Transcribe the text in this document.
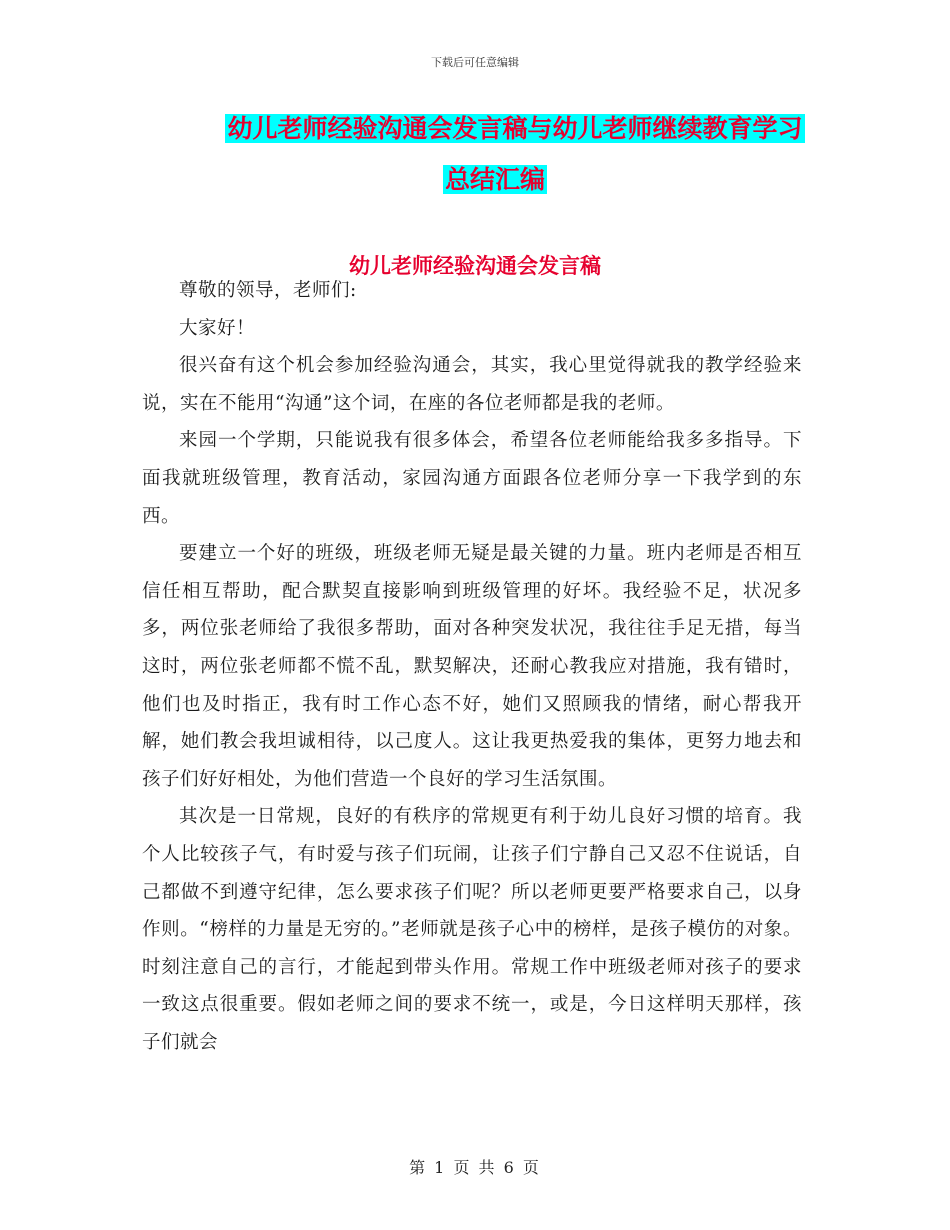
下载后可任意编辑
幼儿老师经验沟通会发言稿与幼儿老师继续教育学习
总结汇编
幼儿老师经验沟通会发言稿

尊敬的领导，老师们:

大家好！

很兴奋有这个机会参加经验沟通会，其实，我心里觉得就我的教学经验来说，实在不能用“沟通”这个词，在座的各位老师都是我的老师。

来园一个学期，只能说我有很多体会，希望各位老师能给我多多指导。下面我就班级管理，教育活动，家园沟通方面跟各位老师分享一下我学到的东西。

要建立一个好的班级，班级老师无疑是最关键的力量。班内老师是否相互信任相互帮助，配合默契直接影响到班级管理的好坏。我经验不足，状况多多，两位张老师给了我很多帮助，面对各种突发状况，我往往手足无措，每当这时，两位张老师都不慌不乱，默契解决，还耐心教我应对措施，我有错时，他们也及时指正，我有时工作心态不好，她们又照顾我的情绪，耐心帮我开解，她们教会我坦诚相待，以己度人。这让我更热爱我的集体，更努力地去和孩子们好好相处，为他们营造一个良好的学习生活氛围。

其次是一日常规，良好的有秩序的常规更有利于幼儿良好习惯的培育。我个人比较孩子气，有时爱与孩子们玩闹，让孩子们宁静自己又忍不住说话，自己都做不到遵守纪律，怎么要求孩子们呢？所以老师更要严格要求自己，以身作则。“榜样的力量是无穷的。”老师就是孩子心中的榜样，是孩子模仿的对象。时刻注意自己的言行，才能起到带头作用。常规工作中班级老师对孩子的要求一致这点很重要。假如老师之间的要求不统一，或是，今日这样明天那样，孩子们就会

第 1 页 共 6 页
